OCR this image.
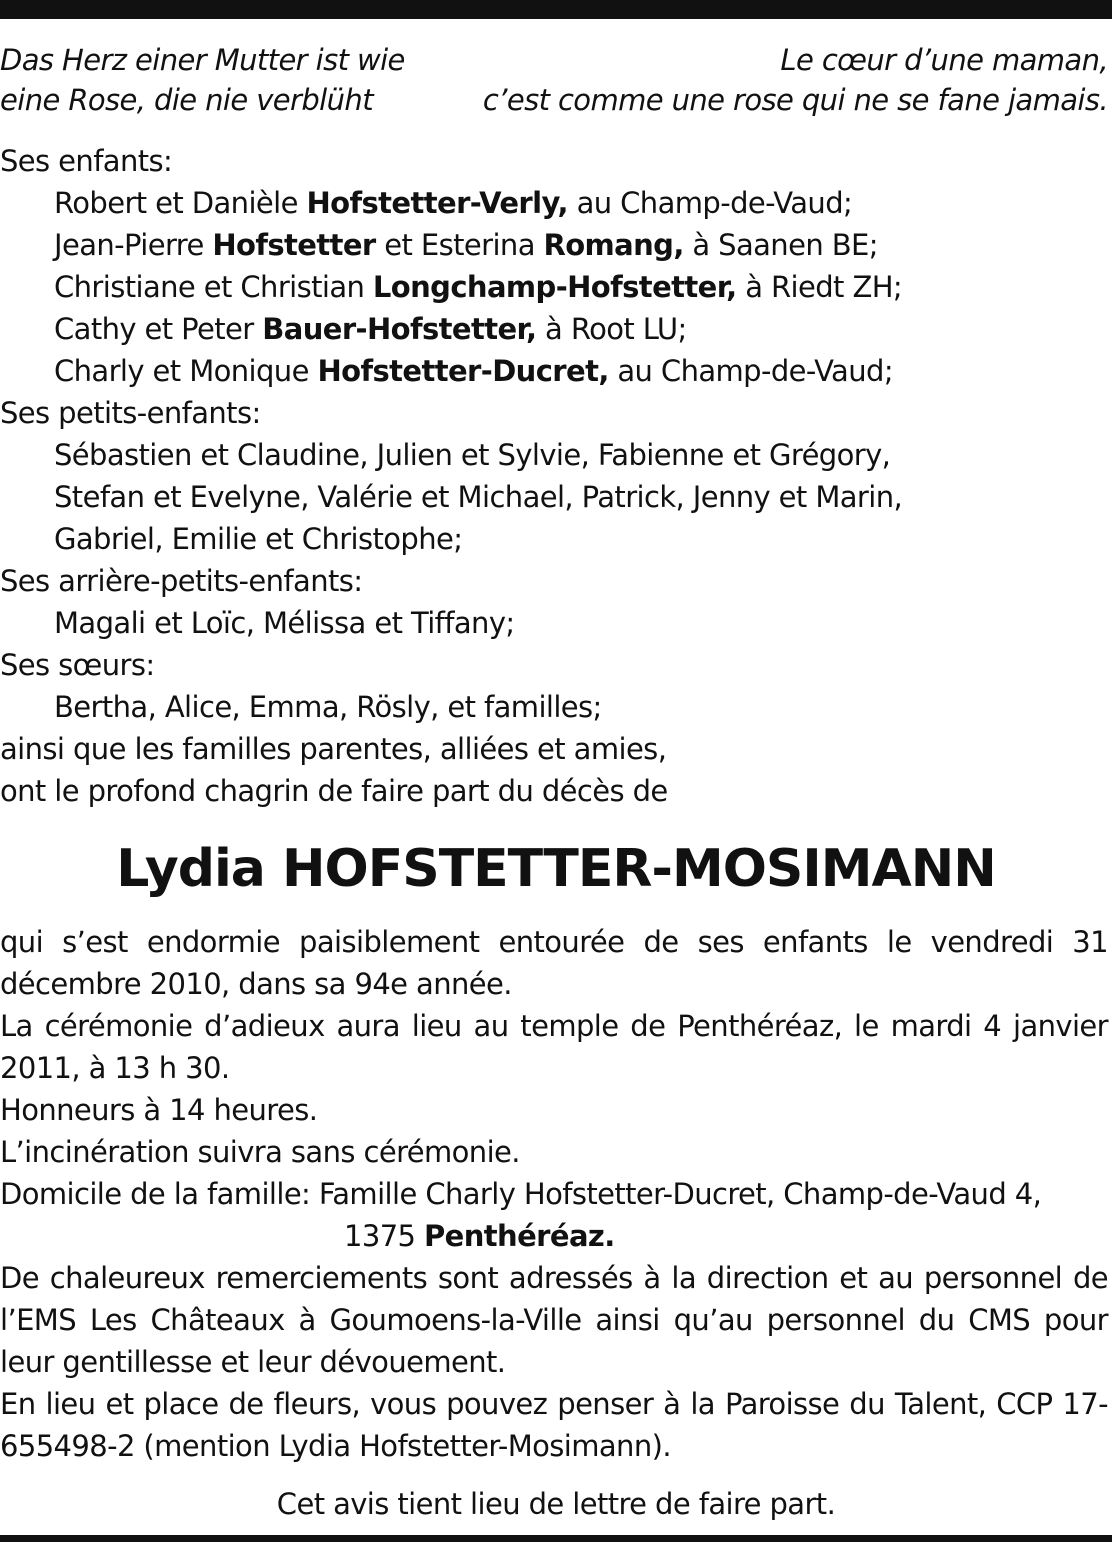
Das Herz einer Mutter ist wie
eine Rose, die nie verblüht
Le cœur d’une maman,
c’est comme une rose qui ne se fane jamais.
Ses enfants:
Robert et Danièle Hofstetter-Verly, au Champ-de-Vaud;
Jean-Pierre Hofstetter et Esterina Romang, à Saanen BE;
Christiane et Christian Longchamp-Hofstetter, à Riedt ZH;
Cathy et Peter Bauer-Hofstetter, à Root LU;
Charly et Monique Hofstetter-Ducret, au Champ-de-Vaud;
Ses petits-enfants:
Sébastien et Claudine, Julien et Sylvie, Fabienne et Grégory,
Stefan et Evelyne, Valérie et Michael, Patrick, Jenny et Marin,
Gabriel, Emilie et Christophe;
Ses arrière-petits-enfants:
Magali et Loïc, Mélissa et Tiffany;
Ses sœurs:
Bertha, Alice, Emma, Rösly, et familles;
ainsi que les familles parentes, alliées et amies,
ont le profond chagrin de faire part du décès de
Lydia HOFSTETTER-MOSIMANN
qui s’est endormie paisiblement entourée de ses enfants le vendredi 31 décembre 2010, dans sa 94e année.
La cérémonie d’adieux aura lieu au temple de Penthéréaz, le mardi 4 janvier 2011, à 13 h 30.
Honneurs à 14 heures.
L’incinération suivra sans cérémonie.
Domicile de la famille: Famille Charly Hofstetter-Ducret, Champ-de-Vaud 4,
1375 Penthéréaz.
De chaleureux remerciements sont adressés à la direction et au personnel de l’EMS Les Châteaux à Goumoens-la-Ville ainsi qu’au personnel du CMS pour leur gentillesse et leur dévouement.
En lieu et place de fleurs, vous pouvez penser à la Paroisse du Talent, CCP 17-655498-2 (mention Lydia Hofstetter-Mosimann).
Cet avis tient lieu de lettre de faire part.
